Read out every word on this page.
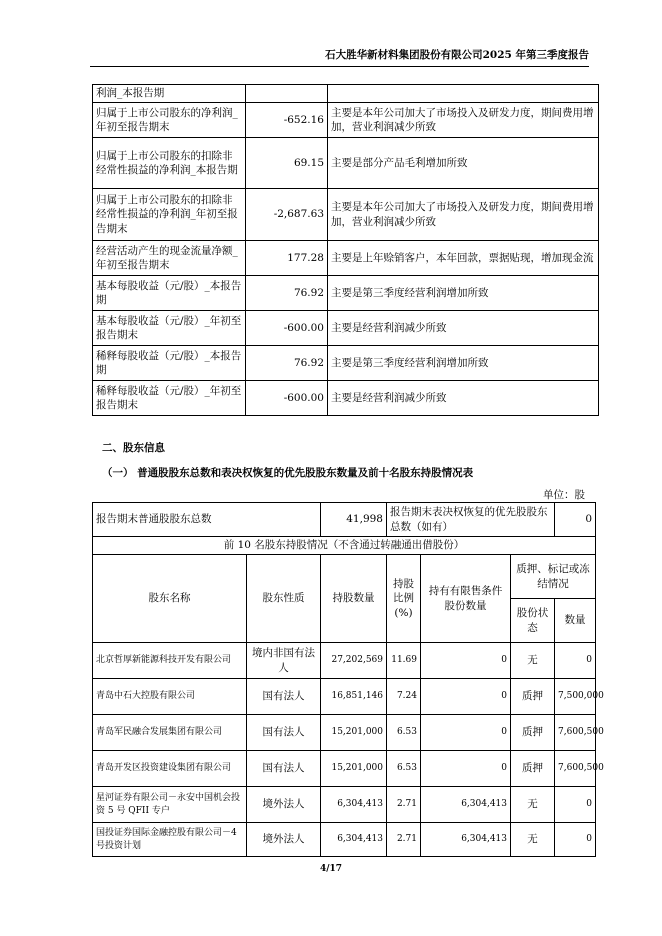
石大胜华新材料集团股份有限公司2025 年第三季度报告
利润_本报告期		
归属于上市公司股东的净利润_年初至报告期末	-652.16	主要是本年公司加大了市场投入及研发力度，期间费用增加，营业利润减少所致
归属于上市公司股东的扣除非经常性损益的净利润_本报告期	69.15	主要是部分产品毛利增加所致
归属于上市公司股东的扣除非经常性损益的净利润_年初至报告期末	-2,687.63	主要是本年公司加大了市场投入及研发力度，期间费用增加，营业利润减少所致
经营活动产生的现金流量净额_年初至报告期末	177.28	主要是上年赊销客户，本年回款，票据贴现，增加现金流
基本每股收益（元/股）_本报告期	76.92	主要是第三季度经营利润增加所致
基本每股收益（元/股）_年初至报告期末	-600.00	主要是经营利润减少所致
稀释每股收益（元/股）_本报告期	76.92	主要是第三季度经营利润增加所致
稀释每股收益（元/股）_年初至报告期末	-600.00	主要是经营利润减少所致
二、股东信息
（一） 普通股股东总数和表决权恢复的优先股股东数量及前十名股东持股情况表
单位：股
报告期末普通股股东总数		41,998	报告期末表决权恢复的优先股股东总数（如有）			0
前 10 名股东持股情况（不含通过转融通出借股份）						
股东名称	股东性质	持股数量	持股比例(%)	持有有限售条件股份数量	质押、标记或冻结情况	
					股份状态	数量
北京哲厚新能源科技开发有限公司	境内非国有法人	27,202,569	11.69	0	无	0
青岛中石大控股有限公司	国有法人	16,851,146	7.24	0	质押	7,500,000
青岛军民融合发展集团有限公司	国有法人	15,201,000	6.53	0	质押	7,600,500
青岛开发区投资建设集团有限公司	国有法人	15,201,000	6.53	0	质押	7,600,500
星河证券有限公司－永安中国机会投资 5 号 QFII 专户	境外法人	6,304,413	2.71	6,304,413	无	0
国投证券国际金融控股有限公司－4 号投资计划	境外法人	6,304,413	2.71	6,304,413	无	0
4/17
